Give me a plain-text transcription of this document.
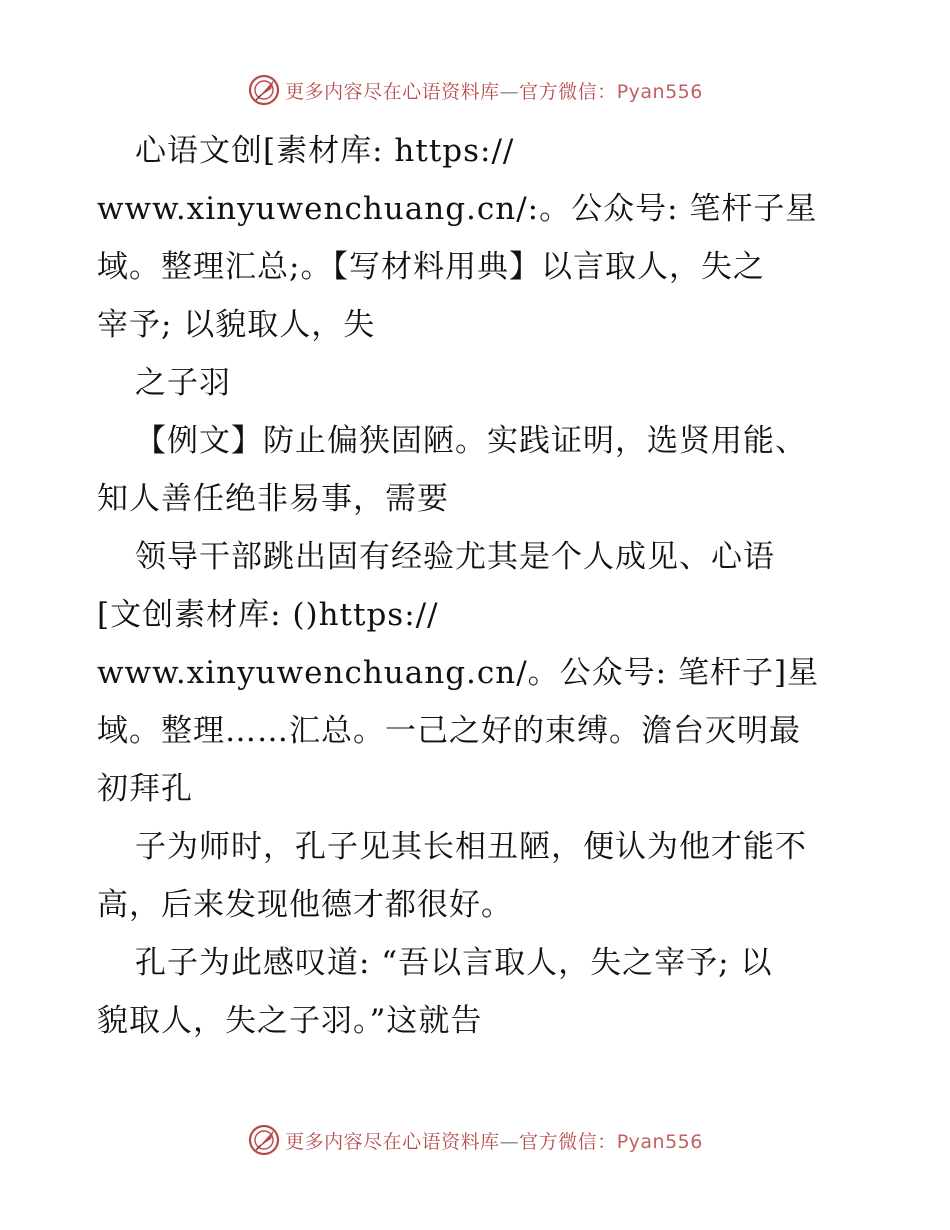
更多内容尽在心语资料库—官方微信：Pyan556
心语文创[素材库: https://
www.xinyuwenchuang.cn/:。公众号: 笔杆子星
域。整理汇总;。【写材料用典】以言取人，失之
宰予; 以貌取人，失
之子羽
【例文】防止偏狭固陋。实践证明，选贤用能、
知人善任绝非易事，需要
领导干部跳出固有经验尤其是个人成见、心语
[文创素材库: ()https://
www.xinyuwenchuang.cn/。公众号: 笔杆子]星
域。整理……汇总。一己之好的束缚。澹台灭明最
初拜孔
子为师时，孔子见其长相丑陋，便认为他才能不
高，后来发现他德才都很好。
孔子为此感叹道: “吾以言取人，失之宰予; 以
貌取人，失之子羽。”这就告
更多内容尽在心语资料库—官方微信：Pyan556
